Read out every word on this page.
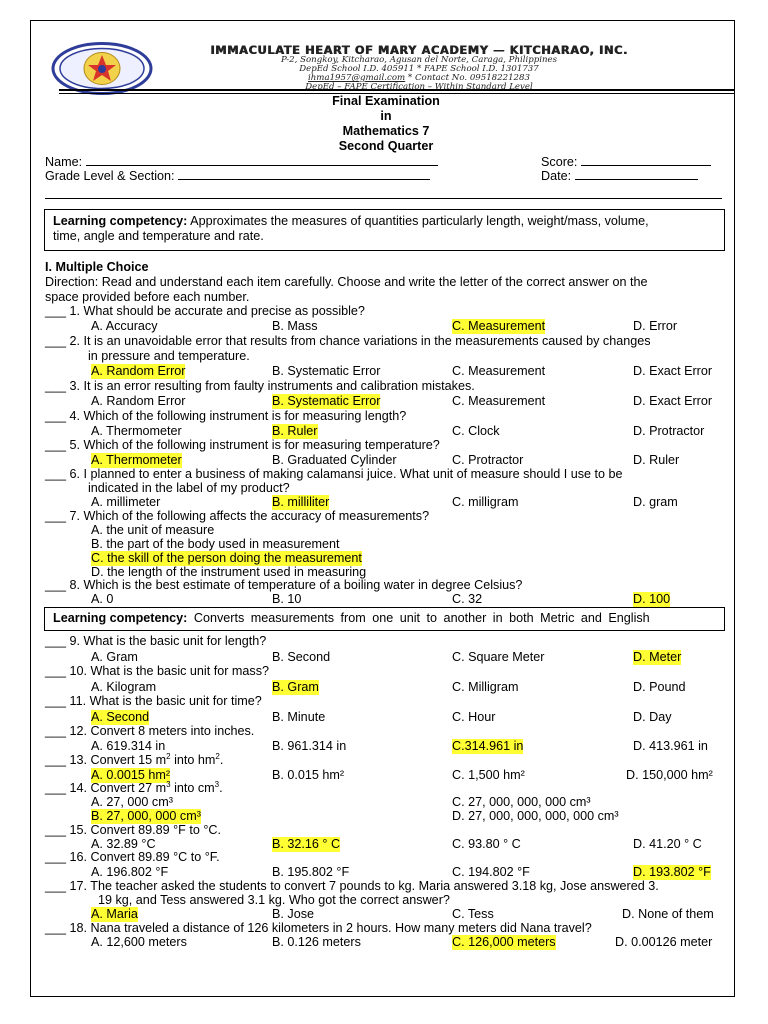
IMMACULATE HEART OF MARY ACADEMY — KITCHARAO, INC.
P-2, Songkoy, Kitcharao, Agusan del Norte, Caraga, Philippines
DepEd School I.D. 405911 * FAPE School I.D. 1301737
ihma1957@gmail.com * Contact No. 09518221283
DepEd – FAPE Certification – Within Standard Level
Final Examination
in
Mathematics 7
Second Quarter
Name:	Score:
Grade Level & Section:	Date:
Learning competency: Approximates the measures of quantities particularly length, weight/mass, volume,
time, angle and temperature and rate.
I. Multiple Choice
Direction: Read and understand each item carefully. Choose and write the letter of the correct answer on the
space provided before each number.
___ 1. What should be accurate and precise as possible?
A. Accuracy	B. Mass	C. Measurement	D. Error
___ 2. It is an unavoidable error that results from chance variations in the measurements caused by changes
in pressure and temperature.
A. Random Error	B. Systematic Error	C. Measurement	D. Exact Error
___ 3. It is an error resulting from faulty instruments and calibration mistakes.
A. Random Error	B. Systematic Error	C. Measurement	D. Exact Error
___ 4. Which of the following instrument is for measuring length?
A. Thermometer	B. Ruler	C. Clock	D. Protractor
___ 5. Which of the following instrument is for measuring temperature?
A. Thermometer	B. Graduated Cylinder	C. Protractor	D. Ruler
___ 6. I planned to enter a business of making calamansi juice. What unit of measure should I use to be
indicated in the label of my product?
A. millimeter	B. milliliter	C. milligram	D. gram
___ 7. Which of the following affects the accuracy of measurements?
A. the unit of measure
B. the part of the body used in measurement
C. the skill of the person doing the measurement
D. the length of the instrument used in measuring
___ 8. Which is the best estimate of temperature of a boiling water in degree Celsius?
A. 0	B. 10	C. 32	D. 100
Learning competency: Converts measurements from one unit to another in both Metric and English
___ 9. What is the basic unit for length?
A. Gram	B. Second	C. Square Meter	D. Meter
___ 10. What is the basic unit for mass?
A. Kilogram	B. Gram	C. Milligram	D. Pound
___ 11. What is the basic unit for time?
A. Second	B. Minute	C. Hour	D. Day
___ 12. Convert 8 meters into inches.
A. 619.314 in	B. 961.314 in	C.314.961 in	D. 413.961 in
___ 13. Convert 15 $m^2$ into $hm^2$.
A. 0.0015 hm²	B. 0.015 hm²	C. 1,500 hm²	D. 150,000 hm²
___ 14. Convert 27 $m^3$ into $cm^3$.
A. 27, 000 cm³	C. 27, 000, 000, 000 cm³
B. 27, 000, 000 cm³	D. 27, 000, 000, 000, 000 cm³
___ 15. Convert 89.89 °F to °C.
A. 32.89 °C	B. 32.16 ° C	C. 93.80 ° C	D. 41.20 ° C
___ 16. Convert 89.89 °C to °F.
A. 196.802 °F	B. 195.802 °F	C. 194.802 °F	D. 193.802 °F
___ 17. The teacher asked the students to convert 7 pounds to kg. Maria answered 3.18 kg, Jose answered 3.
19 kg, and Tess answered 3.1 kg. Who got the correct answer?
A. Maria	B. Jose	C. Tess	D. None of them
___ 18. Nana traveled a distance of 126 kilometers in 2 hours. How many meters did Nana travel?
A. 12,600 meters	B. 0.126 meters	C. 126,000 meters	D. 0.00126 meter
